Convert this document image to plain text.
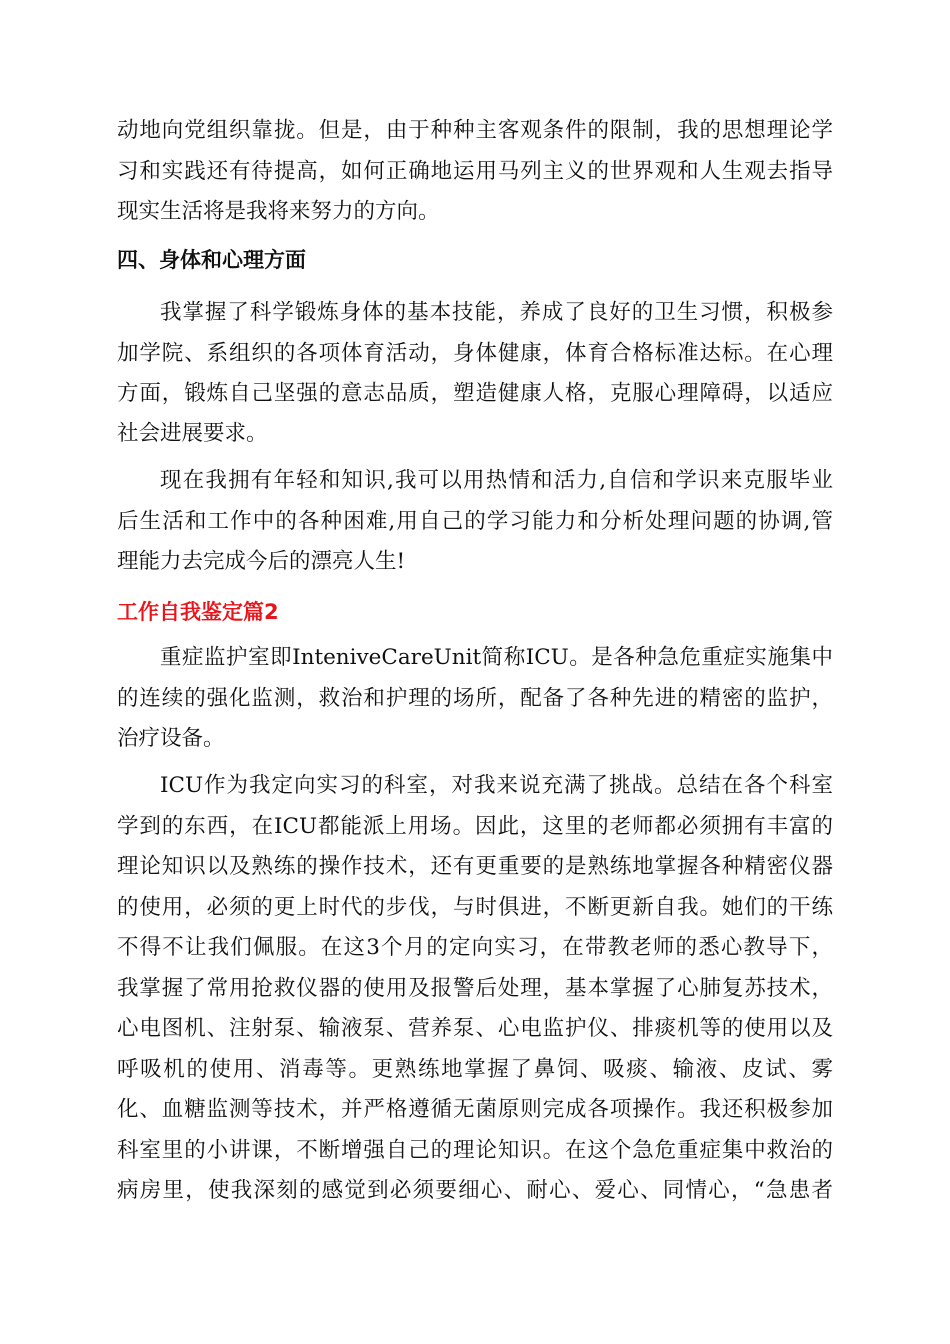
动地向党组织靠拢。但是，由于种种主客观条件的限制，我的思想理论学
习和实践还有待提高，如何正确地运用马列主义的世界观和人生观去指导
现实生活将是我将来努力的方向。
四、身体和心理方面
我掌握了科学锻炼身体的基本技能，养成了良好的卫生习惯，积极参
加学院、系组织的各项体育活动，身体健康，体育合格标准达标。在心理
方面，锻炼自己坚强的意志品质，塑造健康人格，克服心理障碍，以适应
社会进展要求。
现在我拥有年轻和知识,我可以用热情和活力,自信和学识来克服毕业
后生活和工作中的各种困难,用自己的学习能力和分析处理问题的协调,管
理能力去完成今后的漂亮人生!
工作自我鉴定篇2
重症监护室即InteniveCareUnit简称ICU。是各种急危重症实施集中
的连续的强化监测，救治和护理的场所，配备了各种先进的精密的监护，
治疗设备。
ICU作为我定向实习的科室，对我来说充满了挑战。总结在各个科室
学到的东西，在ICU都能派上用场。因此，这里的老师都必须拥有丰富的
理论知识以及熟练的操作技术，还有更重要的是熟练地掌握各种精密仪器
的使用，必须的更上时代的步伐，与时俱进，不断更新自我。她们的干练
不得不让我们佩服。在这3个月的定向实习，在带教老师的悉心教导下，
我掌握了常用抢救仪器的使用及报警后处理，基本掌握了心肺复苏技术，
心电图机、注射泵、输液泵、营养泵、心电监护仪、排痰机等的使用以及
呼吸机的使用、消毒等。更熟练地掌握了鼻饲、吸痰、输液、皮试、雾
化、血糖监测等技术，并严格遵循无菌原则完成各项操作。我还积极参加
科室里的小讲课，不断增强自己的理论知识。在这个急危重症集中救治的
病房里，使我深刻的感觉到必须要细心、耐心、爱心、同情心，“急患者
